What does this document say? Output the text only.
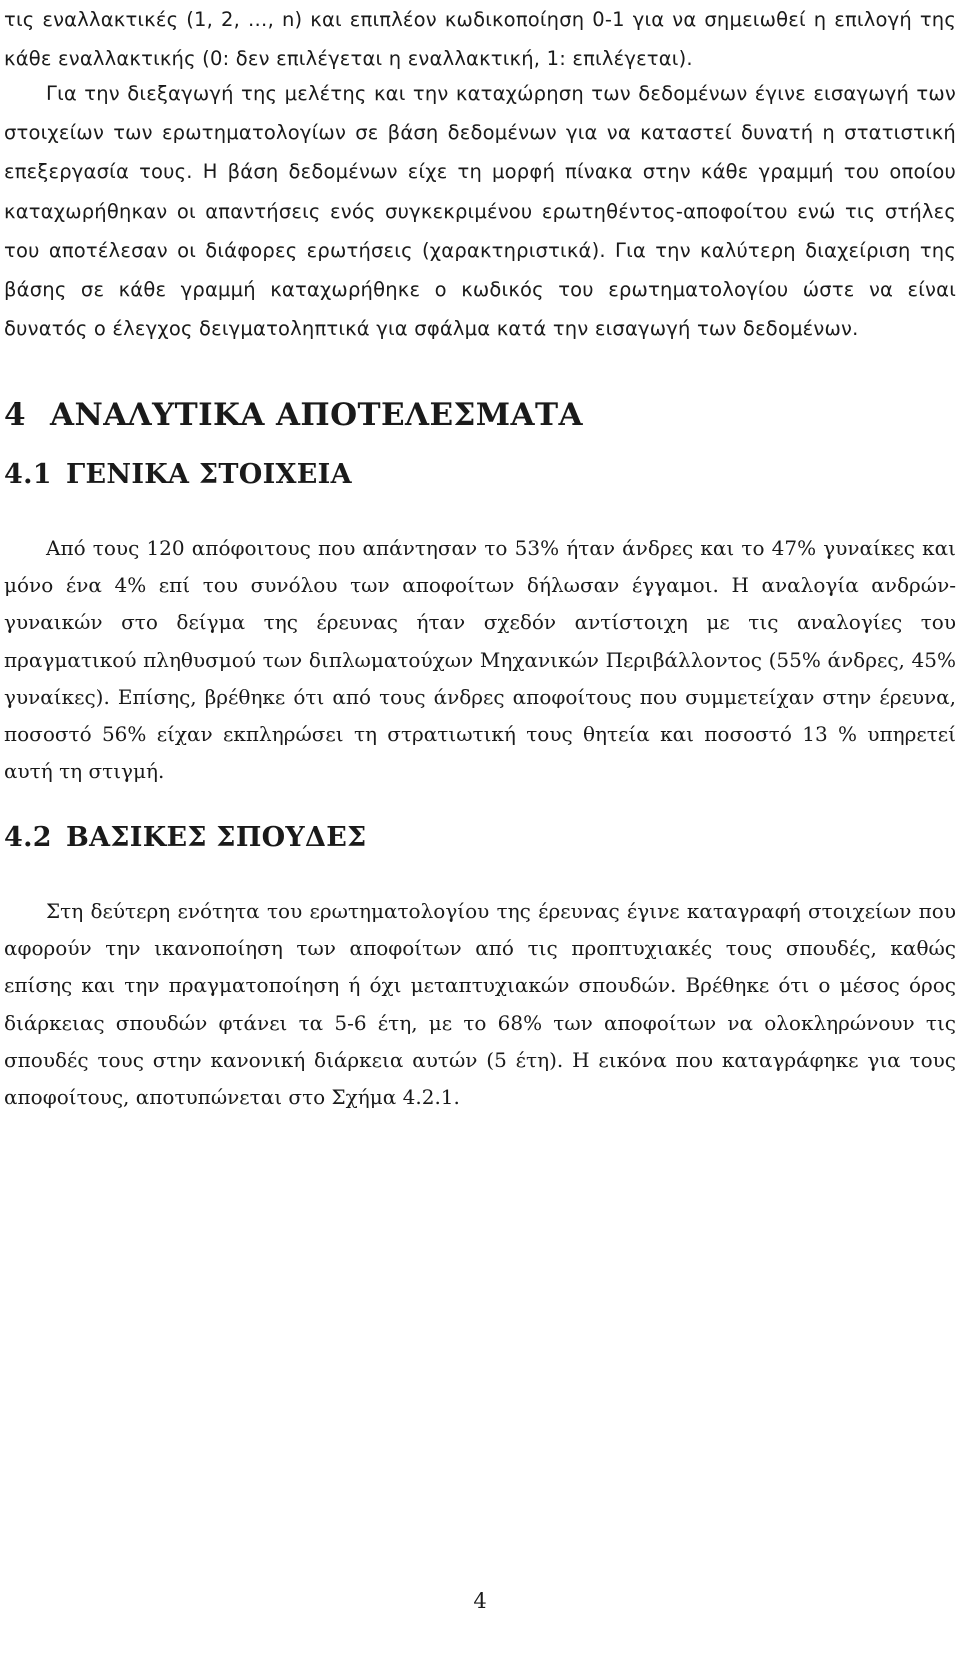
τις εναλλακτικές (1, 2, …, n) και επιπλέον κωδικοποίηση 0-1 για να σημειωθεί η επιλογή της κάθε εναλλακτικής (0: δεν επιλέγεται η εναλλακτική, 1: επιλέγεται).

Για την διεξαγωγή της μελέτης και την καταχώρηση των δεδομένων έγινε εισαγωγή των στοιχείων των ερωτηματολογίων σε βάση δεδομένων για να καταστεί δυνατή η στατιστική επεξεργασία τους. Η βάση δεδομένων είχε τη μορφή πίνακα στην κάθε γραμμή του οποίου καταχωρήθηκαν οι απαντήσεις ενός συγκεκριμένου ερωτηθέντος-αποφοίτου ενώ τις στήλες του αποτέλεσαν οι διάφορες ερωτήσεις (χαρακτηριστικά). Για την καλύτερη διαχείριση της βάσης σε κάθε γραμμή καταχωρήθηκε ο κωδικός του ερωτηματολογίου ώστε να είναι δυνατός ο έλεγχος δειγματοληπτικά για σφάλμα κατά την εισαγωγή των δεδομένων.

4 ΑΝΑΛΥΤΙΚΑ ΑΠΟΤΕΛΕΣΜΑΤΑ
4.1 ΓΕΝΙΚΑ ΣΤΟΙΧΕΙΑ

Από τους 120 απόφοιτους που απάντησαν το 53% ήταν άνδρες και το 47% γυναίκες και μόνο ένα 4% επί του συνόλου των αποφοίτων δήλωσαν έγγαμοι. Η αναλογία ανδρών-γυναικών στο δείγμα της έρευνας ήταν σχεδόν αντίστοιχη με τις αναλογίες του πραγματικού πληθυσμού των διπλωματούχων Μηχανικών Περιβάλλοντος (55% άνδρες, 45% γυναίκες). Επίσης, βρέθηκε ότι από τους άνδρες αποφοίτους που συμμετείχαν στην έρευνα, ποσοστό 56% είχαν εκπληρώσει τη στρατιωτική τους θητεία και ποσοστό 13 % υπηρετεί αυτή τη στιγμή.

4.2 ΒΑΣΙΚΕΣ ΣΠΟΥΔΕΣ

Στη δεύτερη ενότητα του ερωτηματολογίου της έρευνας έγινε καταγραφή στοιχείων που αφορούν την ικανοποίηση των αποφοίτων από τις προπτυχιακές τους σπουδές, καθώς επίσης και την πραγματοποίηση ή όχι μεταπτυχιακών σπουδών. Βρέθηκε ότι ο μέσος όρος διάρκειας σπουδών φτάνει τα 5-6 έτη, με το 68% των αποφοίτων να ολοκληρώνουν τις σπουδές τους στην κανονική διάρκεια αυτών (5 έτη). Η εικόνα που καταγράφηκε για τους αποφοίτους, αποτυπώνεται στο Σχήμα 4.2.1.

4
